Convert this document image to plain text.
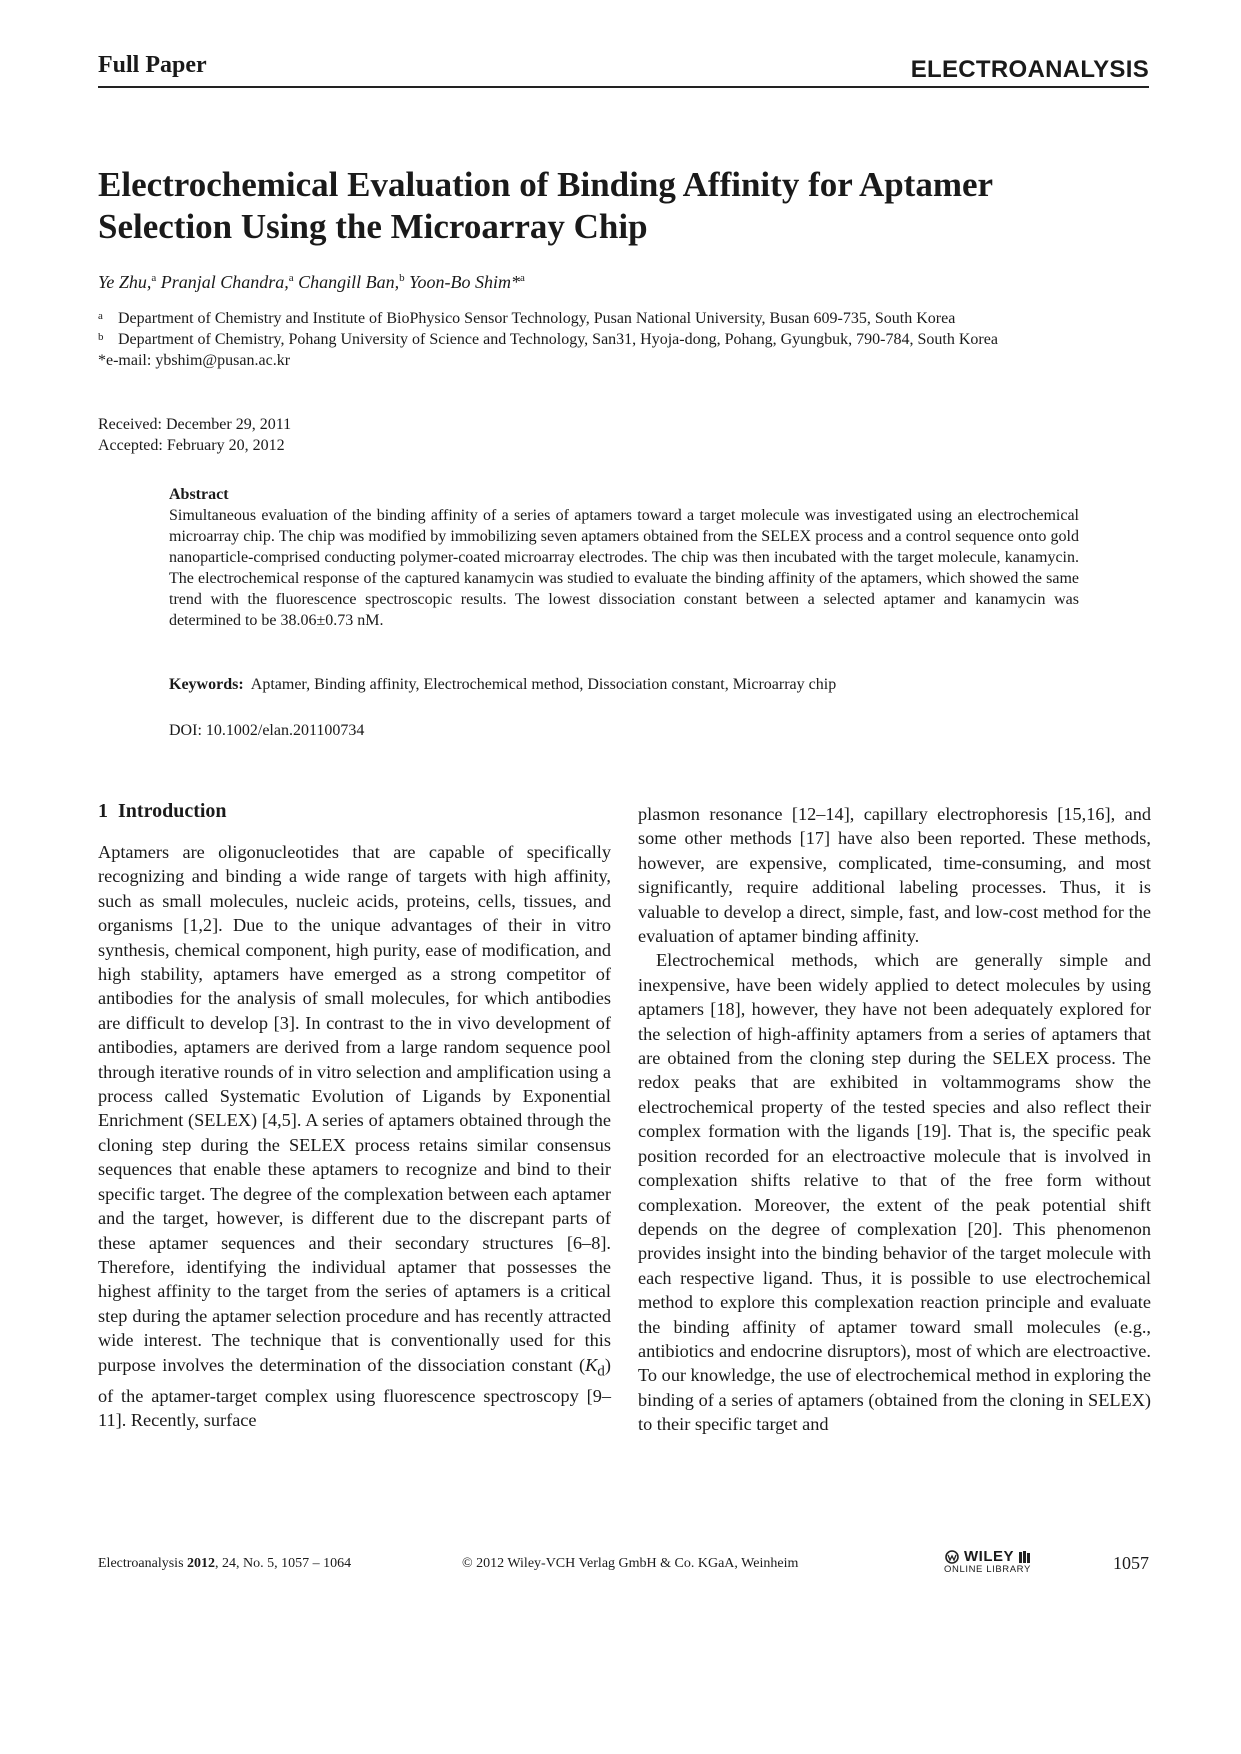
Full Paper	ELECTROANALYSIS
Electrochemical Evaluation of Binding Affinity for Aptamer Selection Using the Microarray Chip
Ye Zhu,$^a$ Pranjal Chandra,$^a$ Changill Ban,$^b$ Yoon-Bo Shim*$^a$
a Department of Chemistry and Institute of BioPhysico Sensor Technology, Pusan National University, Busan 609-735, South Korea
b Department of Chemistry, Pohang University of Science and Technology, San31, Hyoja-dong, Pohang, Gyungbuk, 790-784, South Korea
*e-mail: ybshim@pusan.ac.kr
Received: December 29, 2011
Accepted: February 20, 2012
Abstract
Simultaneous evaluation of the binding affinity of a series of aptamers toward a target molecule was investigated using an electrochemical microarray chip. The chip was modified by immobilizing seven aptamers obtained from the SELEX process and a control sequence onto gold nanoparticle-comprised conducting polymer-coated microarray electrodes. The chip was then incubated with the target molecule, kanamycin. The electrochemical response of the captured kanamycin was studied to evaluate the binding affinity of the aptamers, which showed the same trend with the fluorescence spectroscopic results. The lowest dissociation constant between a selected aptamer and kanamycin was determined to be 38.06±0.73 nM.
Keywords: Aptamer, Binding affinity, Electrochemical method, Dissociation constant, Microarray chip
DOI: 10.1002/elan.201100734
1 Introduction

Aptamers are oligonucleotides that are capable of specifically recognizing and binding a wide range of targets with high affinity, such as small molecules, nucleic acids, proteins, cells, tissues, and organisms [1,2]. Due to the unique advantages of their in vitro synthesis, chemical component, high purity, ease of modification, and high stability, aptamers have emerged as a strong competitor of antibodies for the analysis of small molecules, for which antibodies are difficult to develop [3]. In contrast to the in vivo development of antibodies, aptamers are derived from a large random sequence pool through iterative rounds of in vitro selection and amplification using a process called Systematic Evolution of Ligands by Exponential Enrichment (SELEX) [4,5]. A series of aptamers obtained through the cloning step during the SELEX process retains similar consensus sequences that enable these aptamers to recognize and bind to their specific target. The degree of the complexation between each aptamer and the target, however, is different due to the discrepant parts of these aptamer sequences and their secondary structures [6–8]. Therefore, identifying the individual aptamer that possesses the highest affinity to the target from the series of aptamers is a critical step during the aptamer selection procedure and has recently attracted wide interest. The technique that is conventionally used for this purpose involves the determination of the dissociation constant $(K_d)$ of the aptamer-target complex using fluorescence spectroscopy [9–11]. Recently, surface

plasmon resonance [12–14], capillary electrophoresis [15,16], and some other methods [17] have also been reported. These methods, however, are expensive, complicated, time-consuming, and most significantly, require additional labeling processes. Thus, it is valuable to develop a direct, simple, fast, and low-cost method for the evaluation of aptamer binding affinity.

Electrochemical methods, which are generally simple and inexpensive, have been widely applied to detect molecules by using aptamers [18], however, they have not been adequately explored for the selection of high-affinity aptamers from a series of aptamers that are obtained from the cloning step during the SELEX process. The redox peaks that are exhibited in voltammograms show the electrochemical property of the tested species and also reflect their complex formation with the ligands [19]. That is, the specific peak position recorded for an electroactive molecule that is involved in complexation shifts relative to that of the free form without complexation. Moreover, the extent of the peak potential shift depends on the degree of complexation [20]. This phenomenon provides insight into the binding behavior of the target molecule with each respective ligand. Thus, it is possible to use electrochemical method to explore this complexation reaction principle and evaluate the binding affinity of aptamer toward small molecules (e.g., antibiotics and endocrine disruptors), most of which are electroactive. To our knowledge, the use of electrochemical method in exploring the binding of a series of aptamers (obtained from the cloning in SELEX) to their specific target and

Electroanalysis 2012, 24, No. 5, 1057 – 1064	© 2012 Wiley-VCH Verlag GmbH & Co. KGaA, Weinheim	WILEY
ONLINE LIBRARY	1057
